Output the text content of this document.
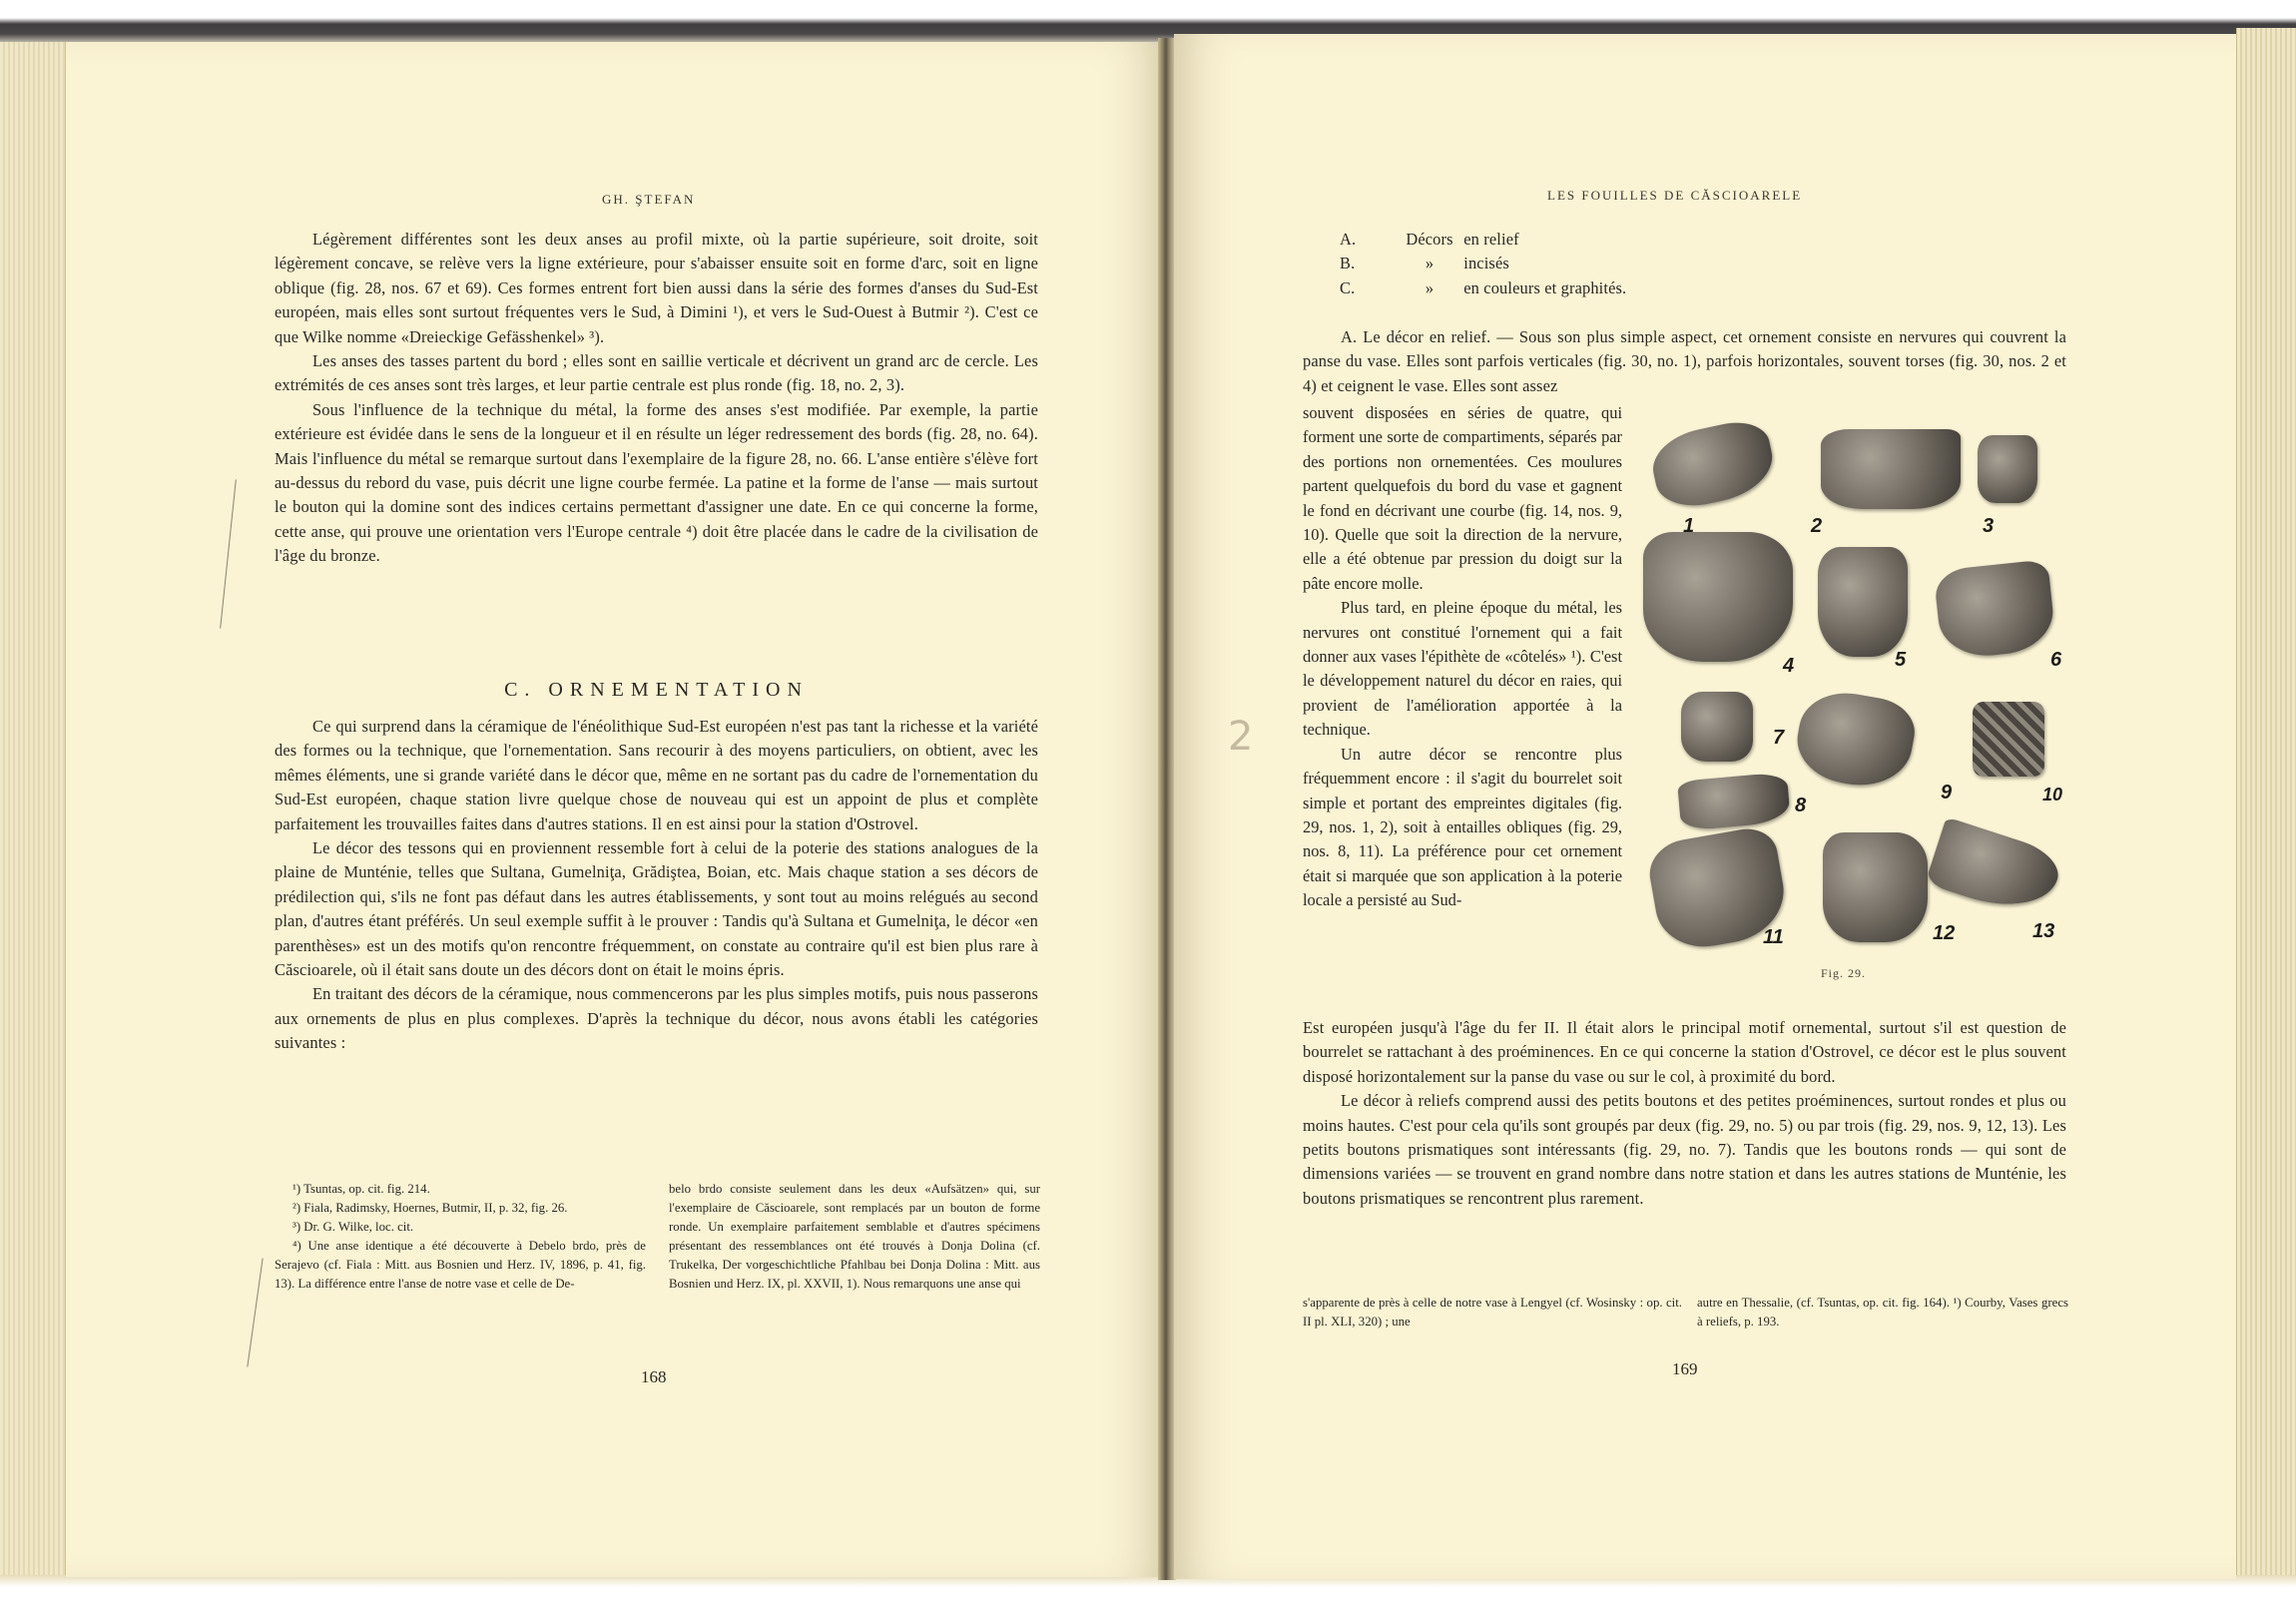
GH. ŞTEFAN

Légèrement différentes sont les deux anses au profil mixte, où la partie supérieure, soit droite, soit légèrement concave, se relève vers la ligne extérieure, pour s'abaisser ensuite soit en forme d'arc, soit en ligne oblique (fig. 28, nos. 67 et 69). Ces formes entrent fort bien aussi dans la série des formes d'anses du Sud-Est européen, mais elles sont surtout fréquentes vers le Sud, à Dimini ¹), et vers le Sud-Ouest à Butmir ²). C'est ce que Wilke nomme «Dreieckige Gefässhenkel» ³).

Les anses des tasses partent du bord ; elles sont en saillie verticale et décrivent un grand arc de cercle. Les extrémités de ces anses sont très larges, et leur partie centrale est plus ronde (fig. 18, no. 2, 3).

Sous l'influence de la technique du métal, la forme des anses s'est modifiée. Par exemple, la partie extérieure est évidée dans le sens de la longueur et il en résulte un léger redressement des bords (fig. 28, no. 64). Mais l'influence du métal se remarque surtout dans l'exemplaire de la figure 28, no. 66. L'anse entière s'élève fort au-dessus du rebord du vase, puis décrit une ligne courbe fermée. La patine et la forme de l'anse — mais surtout le bouton qui la domine sont des indices certains permettant d'assigner une date. En ce qui concerne la forme, cette anse, qui prouve une orientation vers l'Europe centrale ⁴) doit être placée dans le cadre de la civilisation de l'âge du bronze.

C. ORNEMENTATION

Ce qui surprend dans la céramique de l'énéolithique Sud-Est européen n'est pas tant la richesse et la variété des formes ou la technique, que l'ornementation. Sans recourir à des moyens particuliers, on obtient, avec les mêmes éléments, une si grande variété dans le décor que, même en ne sortant pas du cadre de l'ornementation du Sud-Est européen, chaque station livre quelque chose de nouveau qui est un appoint de plus et complète parfaitement les trouvailles faites dans d'autres stations. Il en est ainsi pour la station d'Ostrovel.

Le décor des tessons qui en proviennent ressemble fort à celui de la poterie des stations analogues de la plaine de Munténie, telles que Sultana, Gumelniţa, Grădiştea, Boian, etc. Mais chaque station a ses décors de prédilection qui, s'ils ne font pas défaut dans les autres établissements, y sont tout au moins relégués au second plan, d'autres étant préférés. Un seul exemple suffit à le prouver : Tandis qu'à Sultana et Gumelniţa, le décor «en parenthèses» est un des motifs qu'on rencontre fréquemment, on constate au contraire qu'il est bien plus rare à Căscioarele, où il était sans doute un des décors dont on était le moins épris.

En traitant des décors de la céramique, nous commencerons par les plus simples motifs, puis nous passerons aux ornements de plus en plus complexes. D'après la technique du décor, nous avons établi les catégories suivantes :

¹) Tsuntas, op. cit. fig. 214.

²) Fiala, Radimsky, Hoernes, Butmir, II, p. 32, fig. 26.

³) Dr. G. Wilke, loc. cit.

⁴) Une anse identique a été découverte à Debelo brdo, près de Serajevo (cf. Fiala : Mitt. aus Bosnien und Herz. IV, 1896, p. 41, fig. 13). La différence entre l'anse de notre vase et celle de De-

belo brdo consiste seulement dans les deux «Aufsätzen» qui, sur l'exemplaire de Căscioarele, sont remplacés par un bouton de forme ronde. Un exemplaire parfaitement semblable et d'autres spécimens présentant des ressemblances ont été trouvés à Donja Dolina (cf. Trukelka, Der vorgeschichtliche Pfahlbau bei Donja Dolina : Mitt. aus Bosnien und Herz. IX, pl. XXVII, 1). Nous remarquons une anse qui

168
LES FOUILLES DE CĂSCIOARELE
A.	Décors en relief
B.	» incisés
C.	» en couleurs et graphités.

A. Le décor en relief. — Sous son plus simple aspect, cet ornement consiste en nervures qui couvrent la panse du vase. Elles sont parfois verticales (fig. 30, no. 1), parfois horizontales, souvent torses (fig. 30, nos. 2 et 4) et ceignent le vase. Elles sont assez

souvent disposées en séries de quatre, qui forment une sorte de compartiments, séparés par des portions non ornementées. Ces moulures partent quelquefois du bord du vase et gagnent le fond en décrivant une courbe (fig. 14, nos. 9, 10). Quelle que soit la direction de la nervure, elle a été obtenue par pression du doigt sur la pâte encore molle.

Plus tard, en pleine époque du métal, les nervures ont constitué l'ornement qui a fait donner aux vases l'épithète de «côtelés» ¹). C'est le développement naturel du décor en raies, qui provient de l'amélioration apportée à la technique.

Un autre décor se rencontre plus fréquemment encore : il s'agit du bourrelet soit simple et portant des empreintes digitales (fig. 29, nos. 1, 2), soit à entailles obliques (fig. 29, nos. 8, 11). La préférence pour cet ornement était si marquée que son application à la poterie locale a persisté au Sud-

Est européen jusqu'à l'âge du fer II. Il était alors le principal motif ornemental, surtout s'il est question de bourrelet se rattachant à des proéminences. En ce qui concerne la station d'Ostrovel, ce décor est le plus souvent disposé horizontalement sur la panse du vase ou sur le col, à proximité du bord.

Le décor à reliefs comprend aussi des petits boutons et des petites proéminences, surtout rondes et plus ou moins hautes. C'est pour cela qu'ils sont groupés par deux (fig. 29, no. 5) ou par trois (fig. 29, nos. 9, 12, 13). Les petits boutons prismatiques sont intéressants (fig. 29, no. 7). Tandis que les boutons ronds — qui sont de dimensions variées — se trouvent en grand nombre dans notre station et dans les autres stations de Munténie, les boutons prismatiques se rencontrent plus rarement.

1	2	3
4	5	6
7
8
9	10
11	12	13
Fig. 29.
2

s'apparente de près à celle de notre vase à Lengyel (cf. Wosinsky : op. cit. II pl. XLI, 320) ; une

autre en Thessalie, (cf. Tsuntas, op. cit. fig. 164). ¹) Courby, Vases grecs à reliefs, p. 193.

169
